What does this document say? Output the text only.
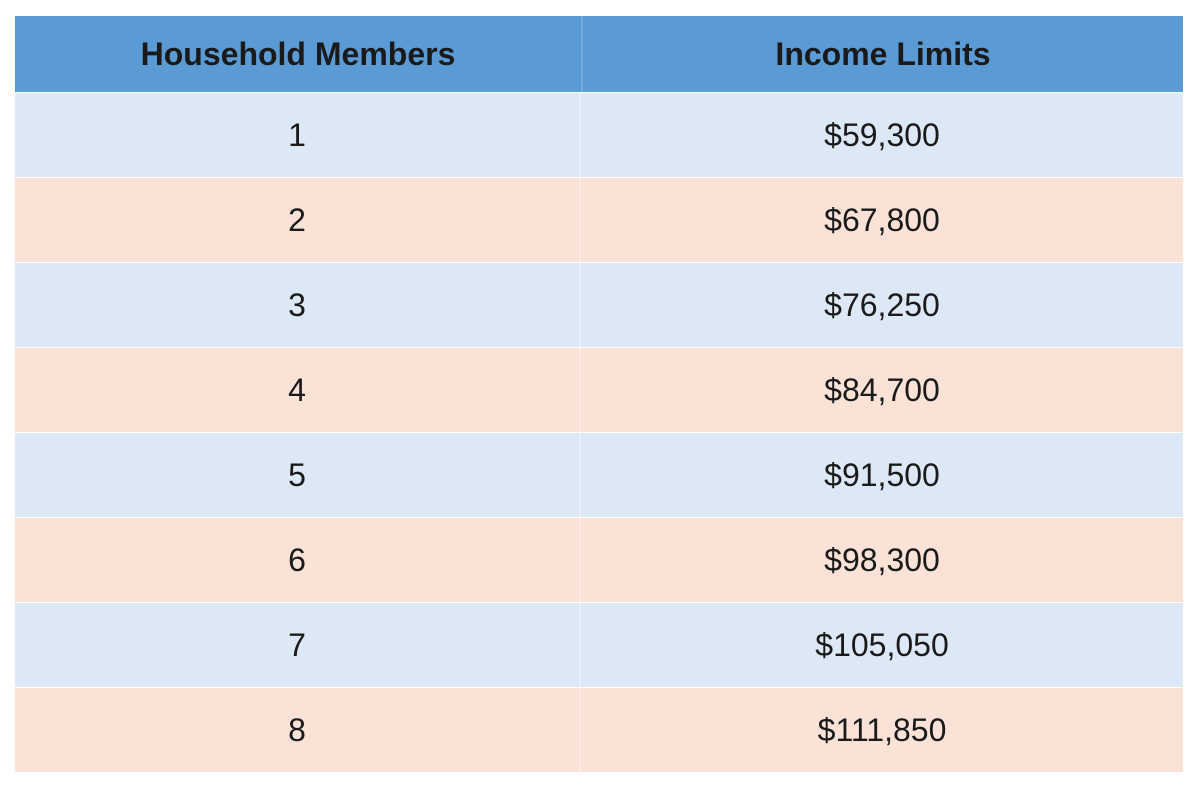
Household Members	Income Limits
1	$59,300
2	$67,800
3	$76,250
4	$84,700
5	$91,500
6	$98,300
7	$105,050
8	$111,850
